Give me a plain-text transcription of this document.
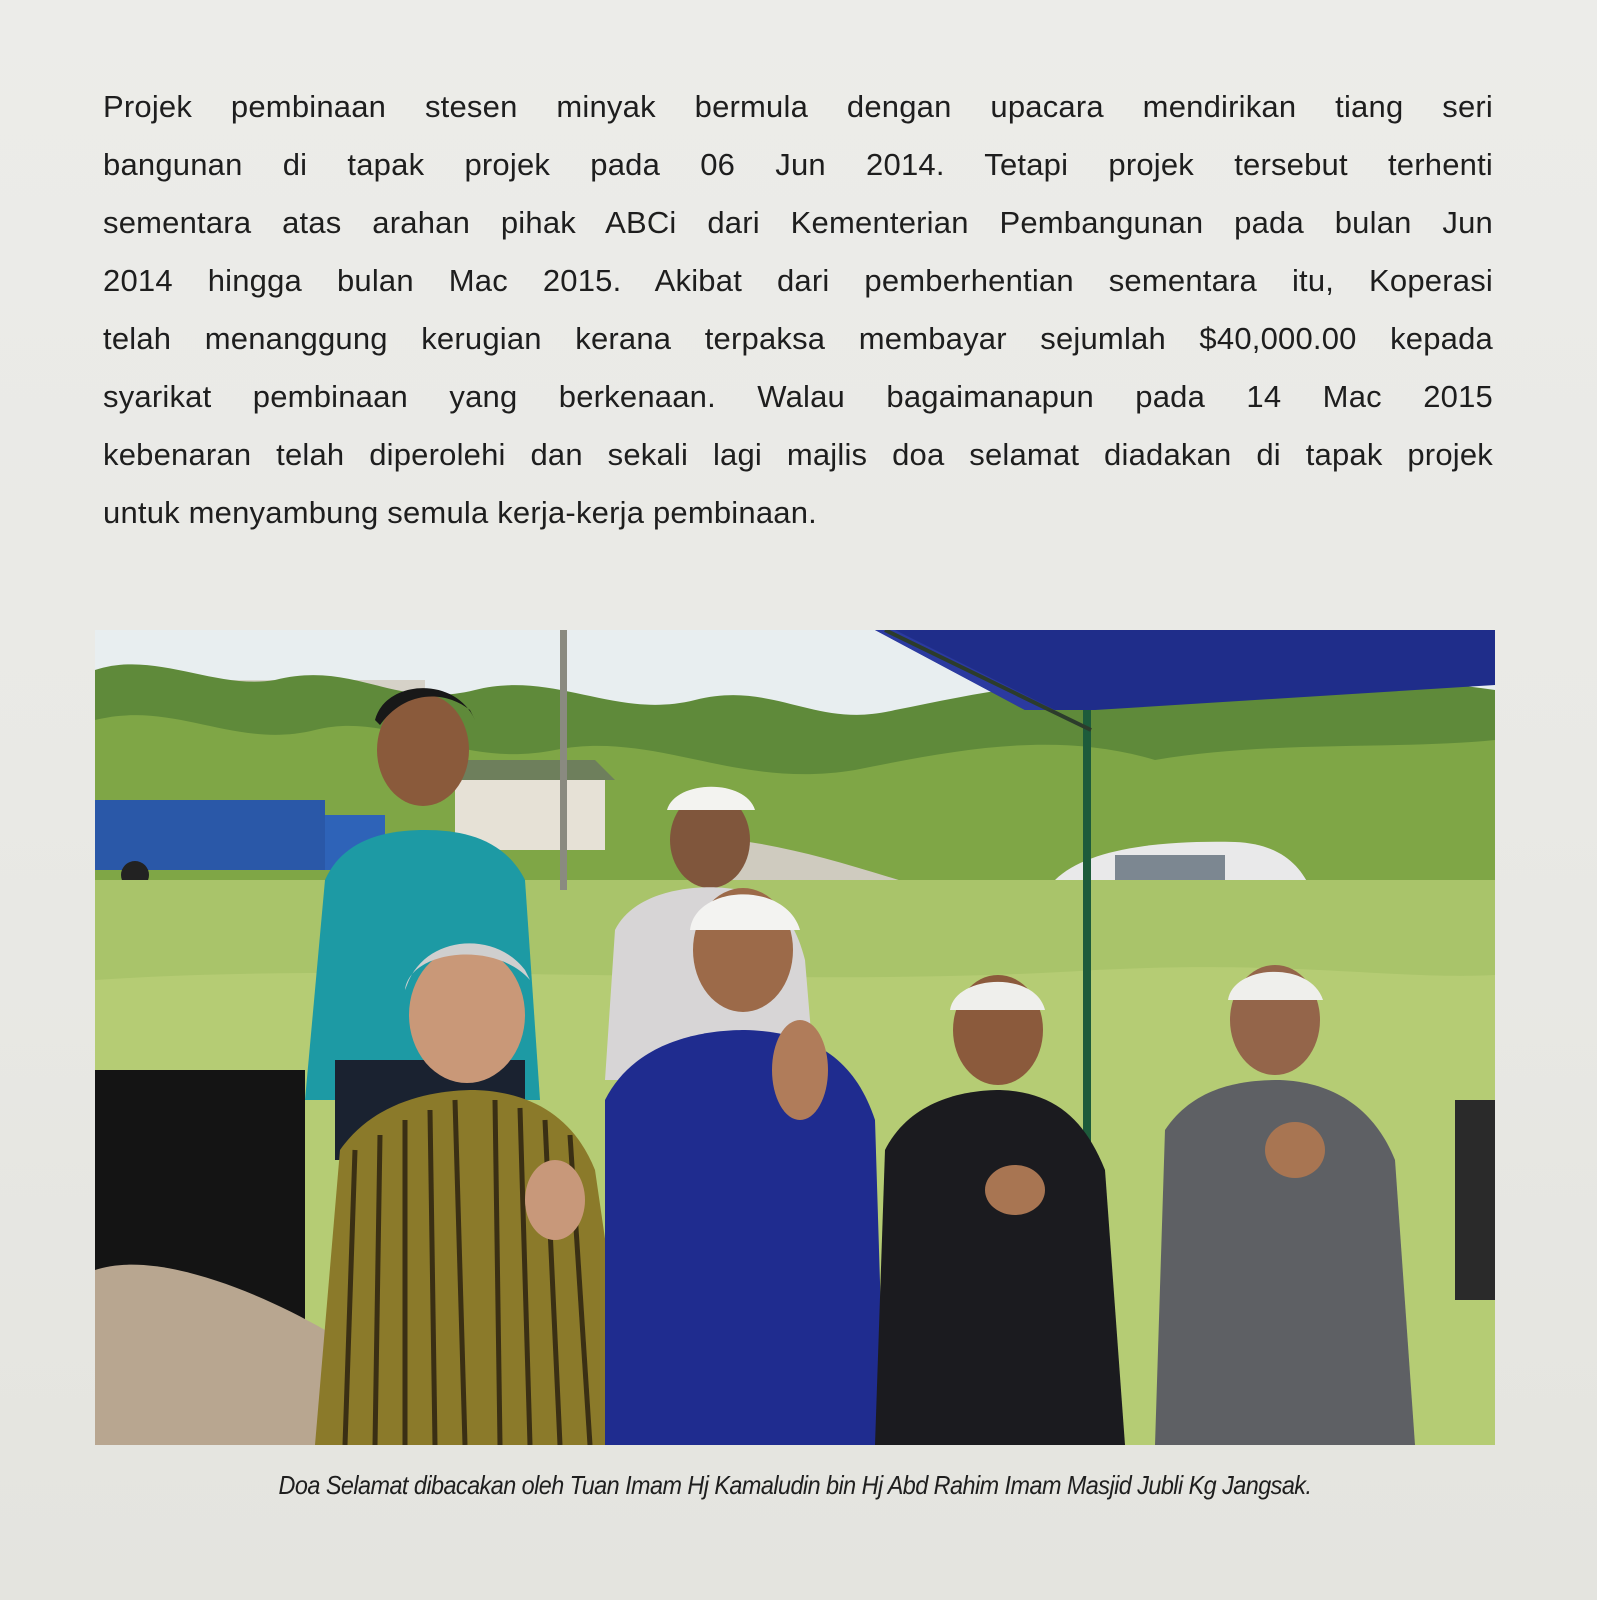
Projek pembinaan stesen minyak bermula dengan upacara mendirikan tiang seri
bangunan di tapak projek pada 06 Jun 2014. Tetapi projek tersebut terhenti
sementara atas arahan pihak ABCi dari Kementerian Pembangunan pada bulan Jun
2014 hingga bulan Mac 2015. Akibat dari pemberhentian sementara itu, Koperasi
telah menanggung kerugian kerana terpaksa membayar sejumlah $40,000.00 kepada
syarikat pembinaan yang berkenaan. Walau bagaimanapun pada 14 Mac 2015
kebenaran telah diperolehi dan sekali lagi majlis doa selamat diadakan di tapak projek
untuk menyambung semula kerja-kerja pembinaan.
Doa Selamat dibacakan oleh Tuan Imam Hj Kamaludin bin Hj Abd Rahim Imam Masjid Jubli Kg Jangsak.
